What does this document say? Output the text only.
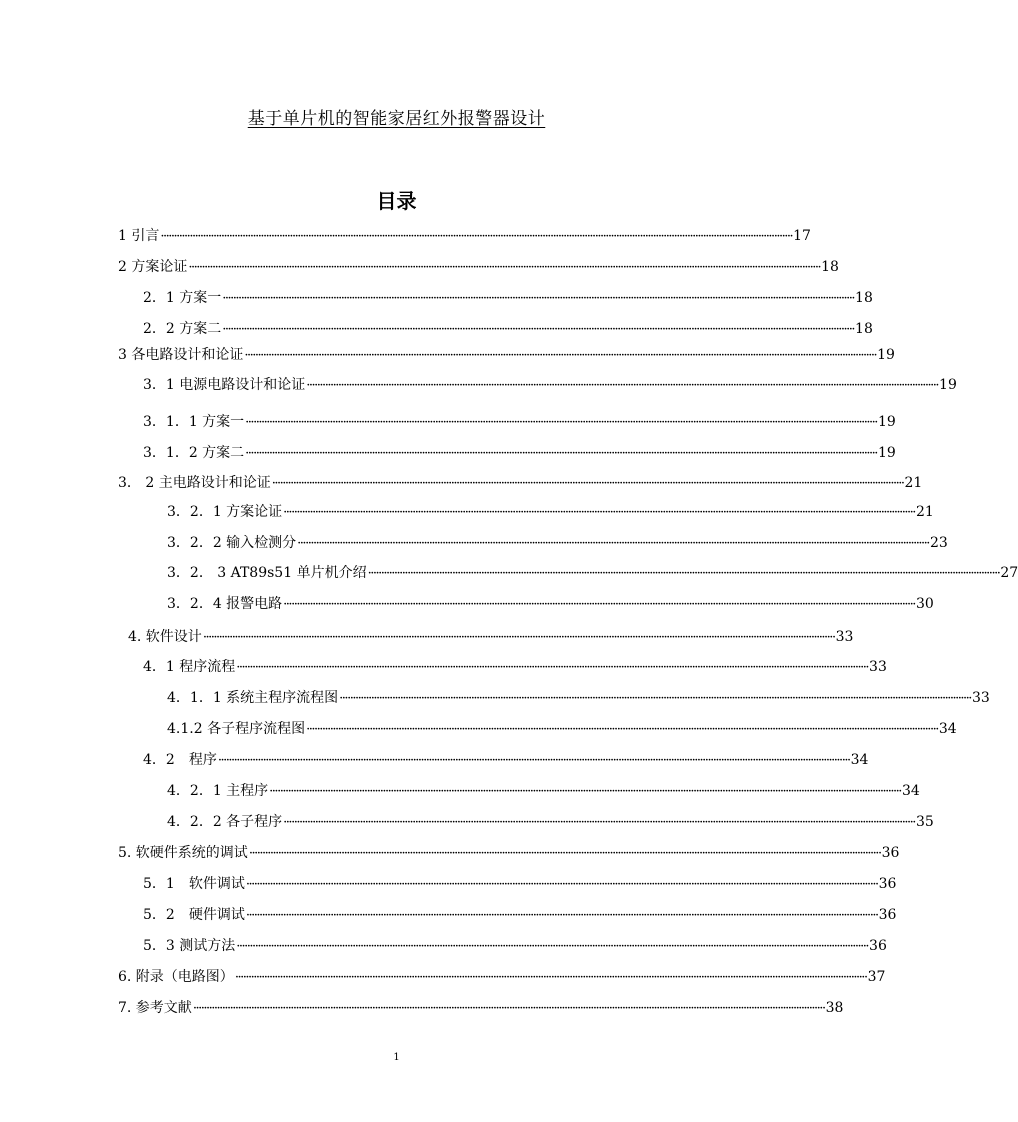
基于单片机的智能家居红外报警器设计
目录
1 引言 ················································································································································································································································ 17
2 方案论证 ················································································································································································································································ 18
2．1 方案一 ················································································································································································································································ 18
2．2 方案二 ················································································································································································································································ 18
3 各电路设计和论证 ················································································································································································································································ 19
3．1 电源电路设计和论证 ················································································································································································································································ 19
3．1．1 方案一 ················································································································································································································································ 19
3．1．2 方案二 ················································································································································································································································ 19
3． 2 主电路设计和论证 ················································································································································································································································ 21
3．2．1 方案论证 ················································································································································································································································ 21
3．2．2 输入检测分 ················································································································································································································································ 23
3．2． 3 AT89s51 单片机介绍 ················································································································································································································································ 27
3．2．4 报警电路 ················································································································································································································································ 30
4. 软件设计 ················································································································································································································································ 33
4．1 程序流程 ················································································································································································································································ 33
4．1．1 系统主程序流程图 ················································································································································································································································ 33
4.1.2 各子程序流程图 ················································································································································································································································ 34
4．2　程序 ················································································································································································································································ 34
4．2．1 主程序 ················································································································································································································································ 34
4．2．2 各子程序 ················································································································································································································································ 35
5. 软硬件系统的调试 ················································································································································································································································ 36
5．1　软件调试 ················································································································································································································································ 36
5．2　硬件调试 ················································································································································································································································ 36
5．3 测试方法 ················································································································································································································································ 36
6. 附录（电路图） ················································································································································································································································ 37
7. 参考文献 ················································································································································································································································ 38
1
